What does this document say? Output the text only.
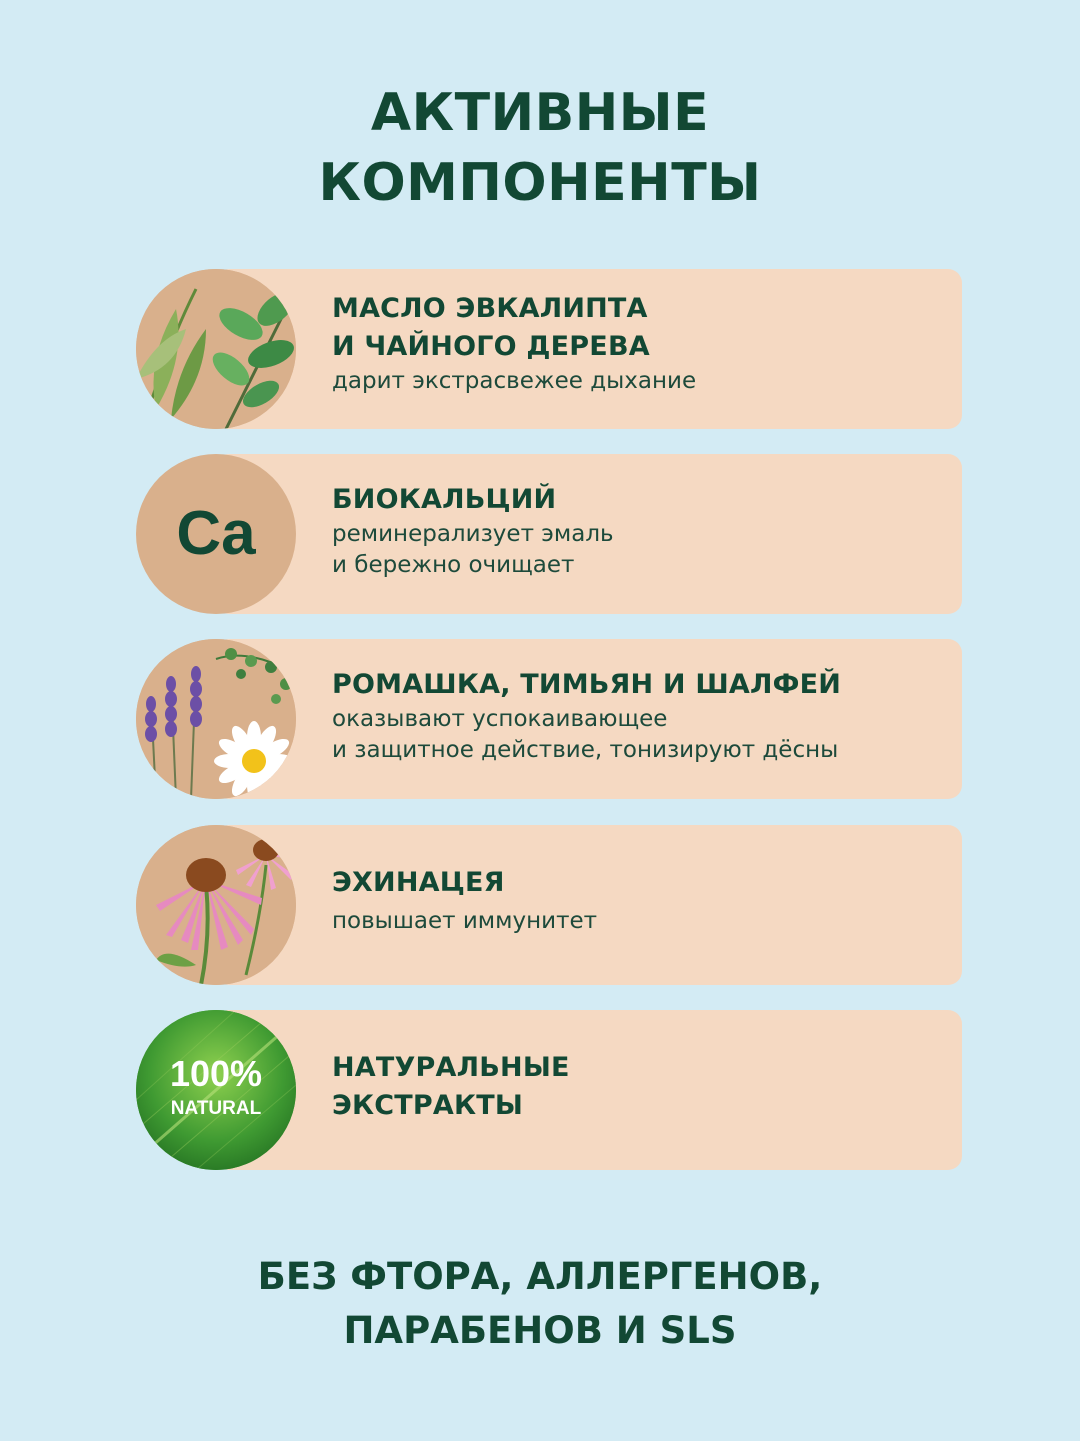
АКТИВНЫЕ
КОМПОНЕНТЫ
МАСЛО ЭВКАЛИПТА
И ЧАЙНОГО ДЕРЕВА
дарит экстрасвежее дыхание
Ca	БИОКАЛЬЦИЙ
реминерализует эмаль
и бережно очищает
РОМАШКА, ТИМЬЯН И ШАЛФЕЙ
оказывают успокаивающее
и защитное действие, тонизируют дёсны
ЭХИНАЦЕЯ
повышает иммунитет
100%
NATURAL
НАТУРАЛЬНЫЕ
ЭКСТРАКТЫ
БЕЗ ФТОРА, АЛЛЕРГЕНОВ,
ПАРАБЕНОВ И SLS
